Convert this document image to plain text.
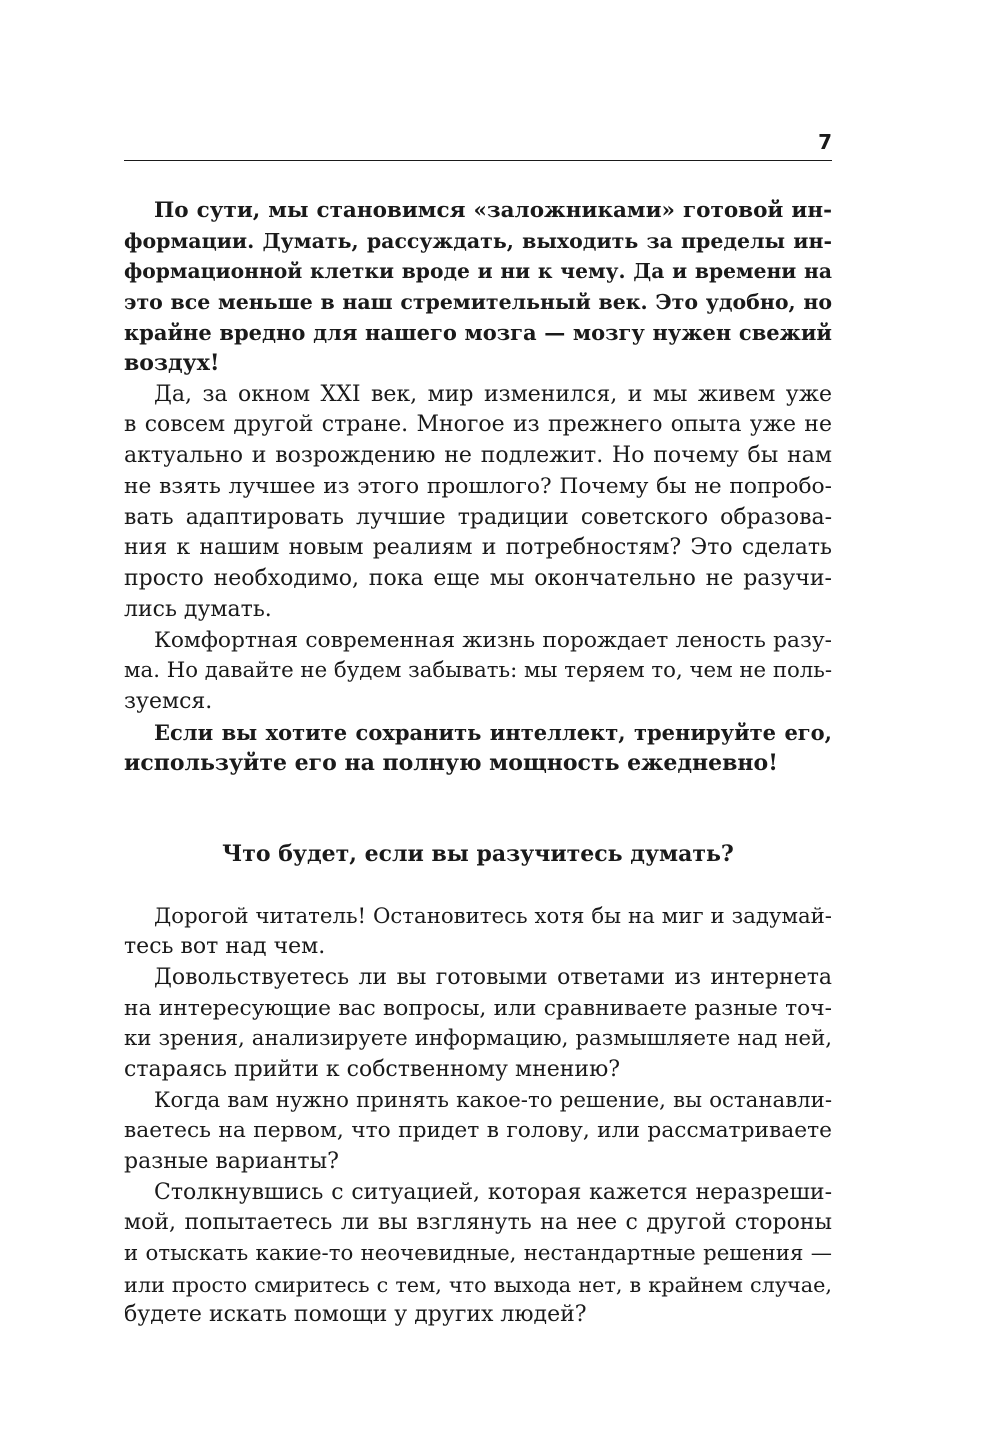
7
По сути, мы становимся «заложниками» готовой ин-
формации. Думать, рассуждать, выходить за пределы ин-
формационной клетки вроде и ни к чему. Да и времени на
это все меньше в наш стремительный век. Это удобно, но
крайне вредно для нашего мозга — мозгу нужен свежий
воздух!
Да, за окном XXI век, мир изменился, и мы живем уже
в совсем другой стране. Многое из прежнего опыта уже не
актуально и возрождению не подлежит. Но почему бы нам
не взять лучшее из этого прошлого? Почему бы не попробо-
вать адаптировать лучшие традиции советского образова-
ния к нашим новым реалиям и потребностям? Это сделать
просто необходимо, пока еще мы окончательно не разучи-
лись думать.
Комфортная современная жизнь порождает леность разу-
ма. Но давайте не будем забывать: мы теряем то, чем не поль-
зуемся.
Если вы хотите сохранить интеллект, тренируйте его,
используйте его на полную мощность ежедневно!
Что будет, если вы разучитесь думать?
Дорогой читатель! Остановитесь хотя бы на миг и задумай-
тесь вот над чем.
Довольствуетесь ли вы готовыми ответами из интернета
на интересующие вас вопросы, или сравниваете разные точ-
ки зрения, анализируете информацию, размышляете над ней,
стараясь прийти к собственному мнению?
Когда вам нужно принять какое-то решение, вы останавли-
ваетесь на первом, что придет в голову, или рассматриваете
разные варианты?
Столкнувшись с ситуацией, которая кажется неразреши-
мой, попытаетесь ли вы взглянуть на нее с другой стороны
и отыскать какие-то неочевидные, нестандартные решения —
или просто смиритесь с тем, что выхода нет, в крайнем случае,
будете искать помощи у других людей?
